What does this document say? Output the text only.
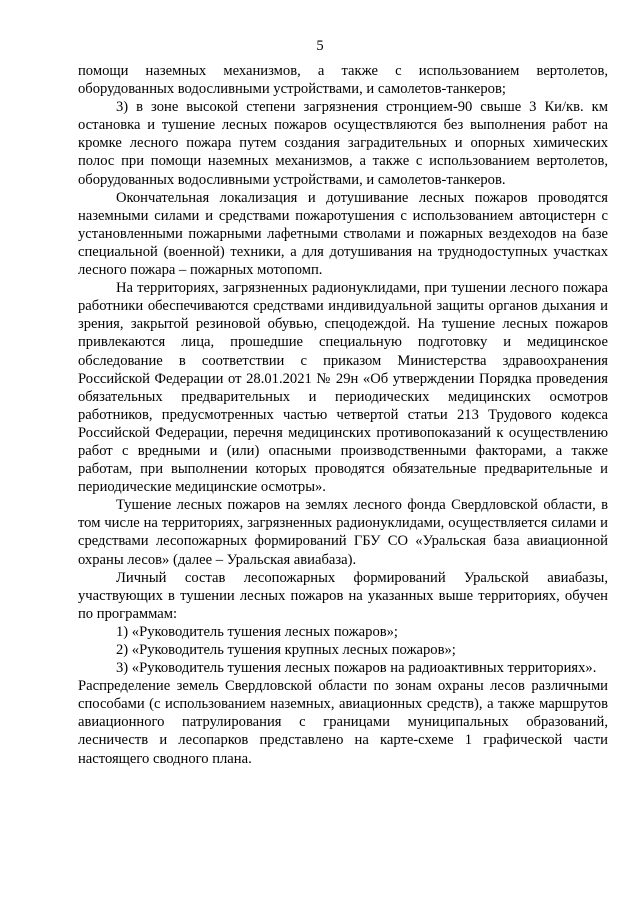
5

помощи наземных механизмов, а также с использованием вертолетов, оборудованных водосливными устройствами, и самолетов-танкеров;

3) в зоне высокой степени загрязнения стронцием-90 свыше 3 Ки/кв. км остановка и тушение лесных пожаров осуществляются без выполнения работ на кромке лесного пожара путем создания заградительных и опорных химических полос при помощи наземных механизмов, а также с использованием вертолетов, оборудованных водосливными устройствами, и самолетов-танкеров.

Окончательная локализация и дотушивание лесных пожаров проводятся наземными силами и средствами пожаротушения с использованием автоцистерн с установленными пожарными лафетными стволами и пожарных вездеходов на базе специальной (военной) техники, а для дотушивания на труднодоступных участках лесного пожара – пожарных мотопомп.

На территориях, загрязненных радионуклидами, при тушении лесного пожара работники обеспечиваются средствами индивидуальной защиты органов дыхания и зрения, закрытой резиновой обувью, спецодеждой. На тушение лесных пожаров привлекаются лица, прошедшие специальную подготовку и медицинское обследование в соответствии с приказом Министерства здравоохранения Российской Федерации от 28.01.2021 № 29н «Об утверждении Порядка проведения обязательных предварительных и периодических медицинских осмотров работников, предусмотренных частью четвертой статьи 213 Трудового кодекса Российской Федерации, перечня медицинских противопоказаний к осуществлению работ с вредными и (или) опасными производственными факторами, а также работам, при выполнении которых проводятся обязательные предварительные и периодические медицинские осмотры».

Тушение лесных пожаров на землях лесного фонда Свердловской области, в том числе на территориях, загрязненных радионуклидами, осуществляется силами и средствами лесопожарных формирований ГБУ СО «Уральская база авиационной охраны лесов» (далее – Уральская авиабаза).

Личный состав лесопожарных формирований Уральской авиабазы, участвующих в тушении лесных пожаров на указанных выше территориях, обучен по программам:

1) «Руководитель тушения лесных пожаров»;

2) «Руководитель тушения крупных лесных пожаров»;

3) «Руководитель тушения лесных пожаров на радиоактивных территориях».

Распределение земель Свердловской области по зонам охраны лесов различными способами (с использованием наземных, авиационных средств), а также маршрутов авиационного патрулирования с границами муниципальных образований, лесничеств и лесопарков представлено на карте-схеме 1 графической части настоящего сводного плана.
